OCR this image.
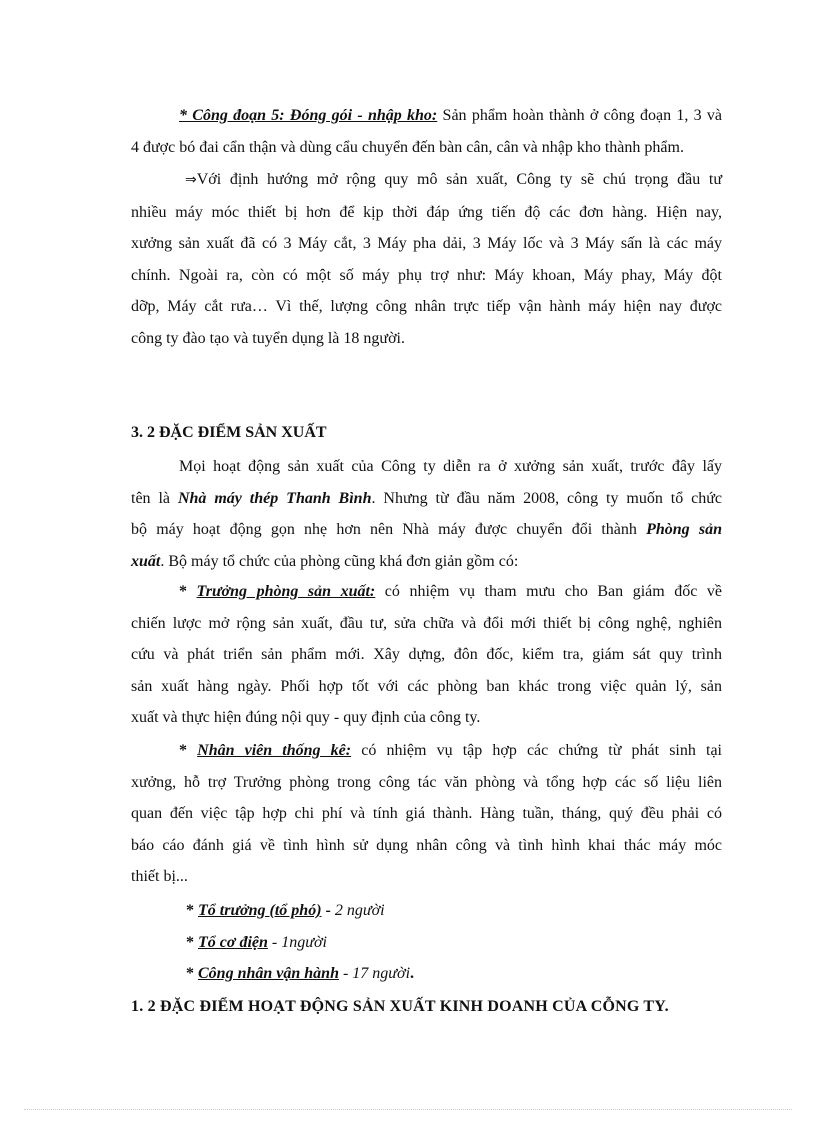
* Công đoạn 5: Đóng gói - nhập kho: Sản phẩm hoàn thành ở công đoạn 1, 3 và
4 được bó đai cẩn thận và dùng cẩu chuyển đến bàn cân, cân và nhập kho thành phẩm.
⇒Với định hướng mở rộng quy mô sản xuất, Công ty sẽ chú trọng đầu tư
nhiều máy móc thiết bị hơn để kịp thời đáp ứng tiến độ các đơn hàng. Hiện nay,
xưởng sản xuất đã có 3 Máy cắt, 3 Máy pha dải, 3 Máy lốc và 3 Máy sấn là các máy
chính. Ngoài ra, còn có một số máy phụ trợ như: Máy khoan, Máy phay, Máy đột
dỡp, Máy cắt rưa… Vì thế, lượng công nhân trực tiếp vận hành máy hiện nay được
công ty đào tạo và tuyển dụng là 18 người.
3. 2 ĐẶC ĐIỂM SẢN XUẤT
Mọi hoạt động sản xuất của Công ty diễn ra ở xưởng sản xuất, trước đây lấy
tên là Nhà máy thép Thanh Bình. Nhưng từ đầu năm 2008, công ty muốn tổ chức
bộ máy hoạt động gọn nhẹ hơn nên Nhà máy được chuyển đổi thành Phòng sản
xuất. Bộ máy tổ chức của phòng cũng khá đơn giản gồm có:
* Trưởng phòng sản xuất: có nhiệm vụ tham mưu cho Ban giám đốc về
chiến lược mở rộng sản xuất, đầu tư, sửa chữa và đổi mới thiết bị công nghệ, nghiên
cứu và phát triển sản phẩm mới. Xây dựng, đôn đốc, kiểm tra, giám sát quy trình
sản xuất hàng ngày. Phối hợp tốt với các phòng ban khác trong việc quản lý, sản
xuất và thực hiện đúng nội quy - quy định của công ty.
* Nhân viên thống kê: có nhiệm vụ tập hợp các chứng từ phát sinh tại
xưởng, hỗ trợ Trưởng phòng trong công tác văn phòng và tổng hợp các số liệu liên
quan đến việc tập hợp chi phí và tính giá thành. Hàng tuần, tháng, quý đều phải có
báo cáo đánh giá về tình hình sử dụng nhân công và tình hình khai thác máy móc
thiết bị...
* Tổ trưởng (tổ phó) - 2 người
* Tổ cơ điện - 1người
* Công nhân vận hành - 17 người.
1. 2 ĐẶC ĐIỂM HOẠT ĐỘNG SẢN XUẤT KINH DOANH CỦA CỖNG TY.
